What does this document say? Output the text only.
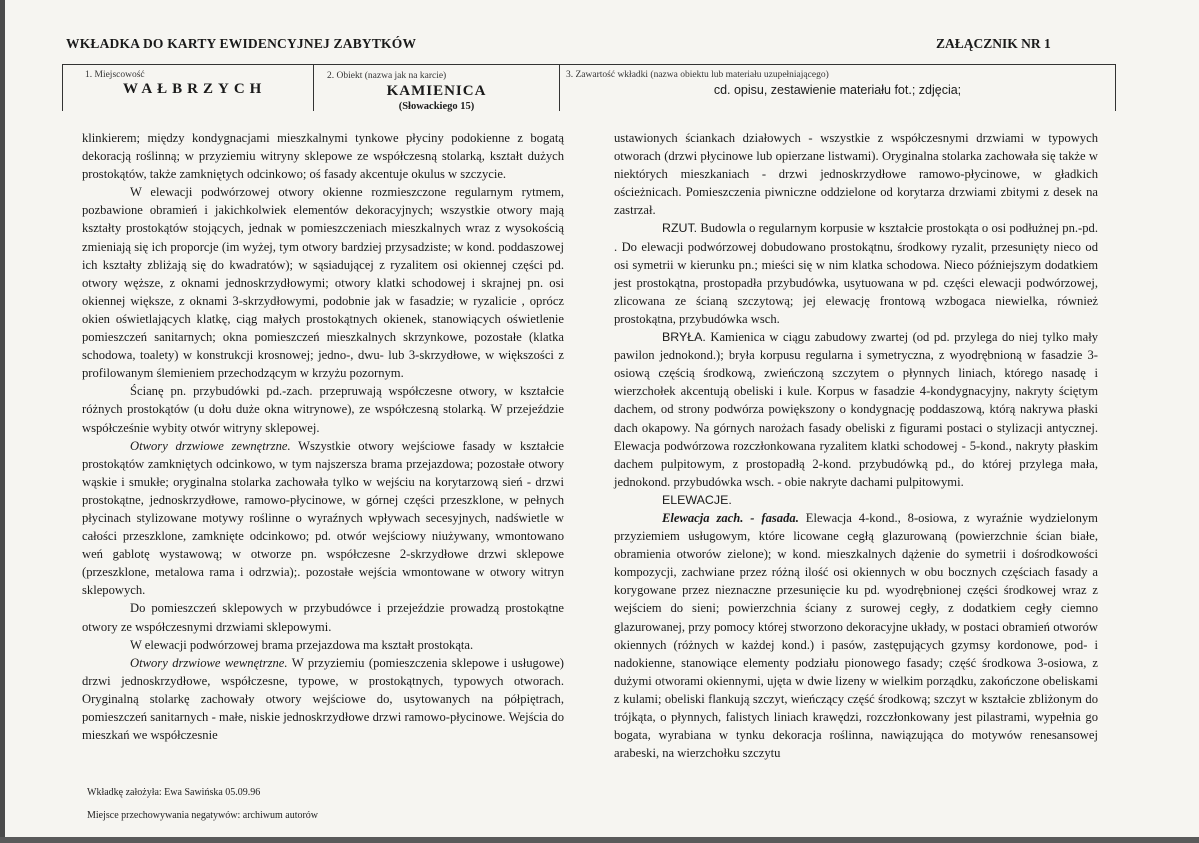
WKŁADKA DO KARTY EWIDENCYJNEJ ZABYTKÓW	ZAŁĄCZNIK NR 1
1. Miejscowość
WAŁBRZYCH
2. Obiekt (nazwa jak na karcie)
KAMIENICA
(Słowackiego 15)
3. Zawartość wkładki (nazwa obiektu lub materiału uzupełniającego)
cd. opisu, zestawienie materiału fot.; zdjęcia;

klinkierem; między kondygnacjami mieszkalnymi tynkowe płyciny podokienne z bogatą dekoracją roślinną; w przyziemiu witryny sklepowe ze współczesną stolarką, kształt dużych prostokątów, także zamkniętych odcinkowo; oś fasady akcentuje okulus w szczycie.

W elewacji podwórzowej otwory okienne rozmieszczone regularnym rytmem, pozbawione obramień i jakichkolwiek elementów dekoracyjnych; wszystkie otwory mają kształty prostokątów stojących, jednak w pomieszczeniach mieszkalnych wraz z wysokością zmieniają się ich proporcje (im wyżej, tym otwory bardziej przysadziste; w kond. poddaszowej ich kształty zbliżają się do kwadratów); w sąsiadującej z ryzalitem osi okiennej części pd. otwory węższe, z oknami jednoskrzydłowymi; otwory klatki schodowej i skrajnej pn. osi okiennej większe, z oknami 3-skrzydłowymi, podobnie jak w fasadzie; w ryzalicie , oprócz okien oświetlających klatkę, ciąg małych prostokątnych okienek, stanowiących oświetlenie pomieszczeń sanitarnych; okna pomieszczeń mieszkalnych skrzynkowe, pozostałe (klatka schodowa, toalety) w konstrukcji krosnowej; jedno-, dwu- lub 3-skrzydłowe, w większości z profilowanym ślemieniem przechodzącym w krzyżu pozornym.

Ścianę pn. przybudówki pd.-zach. przepruwają współczesne otwory, w kształcie różnych prostokątów (u dołu duże okna witrynowe), ze współczesną stolarką. W przejeździe współcześnie wybity otwór witryny sklepowej.

Otwory drzwiowe zewnętrzne. Wszystkie otwory wejściowe fasady w kształcie prostokątów zamkniętych odcinkowo, w tym najszersza brama przejazdowa; pozostałe otwory wąskie i smukłe; oryginalna stolarka zachowała tylko w wejściu na korytarzową sień - drzwi prostokątne, jednoskrzydłowe, ramowo-płycinowe, w górnej części przeszklone, w pełnych płycinach stylizowane motywy roślinne o wyraźnych wpływach secesyjnych, nadświetle w całości przeszklone, zamknięte odcinkowo; pd. otwór wejściowy niużywany, wmontowano weń gablotę wystawową; w otworze pn. współczesne 2-skrzydłowe drzwi sklepowe (przeszklone, metalowa rama i odrzwia);. pozostałe wejścia wmontowane w otwory witryn sklepowych.

Do pomieszczeń sklepowych w przybudówce i przejeździe prowadzą prostokątne otwory ze współczesnymi drzwiami sklepowymi.

W elewacji podwórzowej brama przejazdowa ma kształt prostokąta.

Otwory drzwiowe wewnętrzne. W przyziemiu (pomieszczenia sklepowe i usługowe) drzwi jednoskrzydłowe, współczesne, typowe, w prostokątnych, typowych otworach. Oryginalną stolarkę zachowały otwory wejściowe do, usytowanych na półpiętrach, pomieszczeń sanitarnych - małe, niskie jednoskrzydłowe drzwi ramowo-płycinowe. Wejścia do mieszkań we współczesnie

ustawionych ściankach działowych - wszystkie z współczesnymi drzwiami w typowych otworach (drzwi płycinowe lub opierzane listwami). Oryginalna stolarka zachowała się także w niektórych mieszkaniach - drzwi jednoskrzydłowe ramowo-płycinowe, w gładkich ościeżnicach. Pomieszczenia piwniczne oddzielone od korytarza drzwiami zbitymi z desek na zastrzał.

RZUT. Budowla o regularnym korpusie w kształcie prostokąta o osi podłużnej pn.-pd. . Do elewacji podwórzowej dobudowano prostokątnu, środkowy ryzalit, przesunięty nieco od osi symetrii w kierunku pn.; mieści się w nim klatka schodowa. Nieco późniejszym dodatkiem jest prostokątna, prostopadła przybudówka, usytuowana w pd. części elewacji podwórzowej, zlicowana ze ścianą szczytową; jej elewację frontową wzbogaca niewielka, również prostokątna, przybudówka wsch.

BRYŁA. Kamienica w ciągu zabudowy zwartej (od pd. przylega do niej tylko mały pawilon jednokond.); bryła korpusu regularna i symetryczna, z wyodrębnioną w fasadzie 3-osiową częścią środkową, zwieńczoną szczytem o płynnych liniach, którego nasadę i wierzchołek akcentują obeliski i kule. Korpus w fasadzie 4-kondygnacyjny, nakryty ściętym dachem, od strony podwórza powiększony o kondygnację poddaszową, którą nakrywa płaski dach okapowy. Na górnych narożach fasady obeliski z figurami postaci o stylizacji antycznej. Elewacja podwórzowa rozczłonkowana ryzalitem klatki schodowej - 5-kond., nakryty płaskim dachem pulpitowym, z prostopadłą 2-kond. przybudówką pd., do której przylega mała, jednokond. przybudówka wsch. - obie nakryte dachami pulpitowymi.

ELEWACJE.

Elewacja zach. - fasada. Elewacja 4-kond., 8-osiowa, z wyraźnie wydzielonym przyziemiem usługowym, które licowane cegłą glazurowaną (powierzchnie ścian białe, obramienia otworów zielone); w kond. mieszkalnych dążenie do symetrii i dośrodkowości kompozycji, zachwiane przez różną ilość osi okiennych w obu bocznych częściach fasady a korygowane przez nieznaczne przesunięcie ku pd. wyodrębnionej części środkowej wraz z wejściem do sieni; powierzchnia ściany z surowej cegły, z dodatkiem cegły ciemno glazurowanej, przy pomocy której stworzono dekoracyjne układy, w postaci obramień otworów okiennych (różnych w każdej kond.) i pasów, zastępujących gzymsy kordonowe, pod- i nadokienne, stanowiące elementy podziału pionowego fasady; część środkowa 3-osiowa, z dużymi otworami okiennymi, ujęta w dwie lizeny w wielkim porządku, zakończone obeliskami z kulami; obeliski flankują szczyt, wieńczący część środkową; szczyt w kształcie zbliżonym do trójkąta, o płynnych, falistych liniach krawędzi, rozczłonkowany jest pilastrami, wypełnia go bogata, wyrabiana w tynku dekoracja roślinna, nawiązująca do motywów renesansowej arabeski, na wierzchołku szczytu

Wkładkę założyła: Ewa Sawińska 05.09.96
Miejsce przechowywania negatywów: archiwum autorów
